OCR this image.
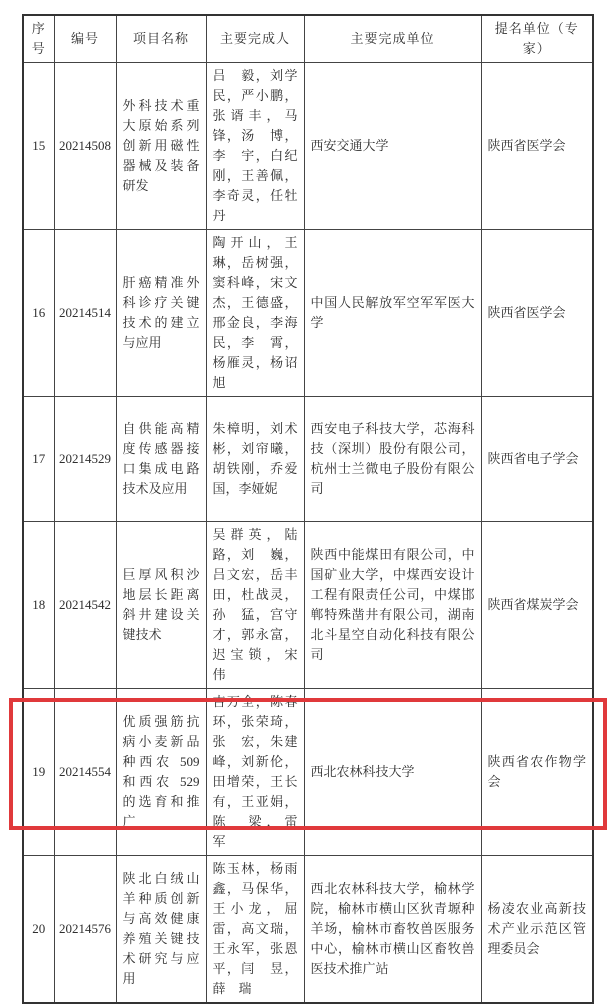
序号	编号	项目名称	主要完成人	主要完成单位	提名单位（专家）
15	20214508	外科技术重大原始系列创新用磁性器械及装备研发	吕　毅，刘学民，严小鹏，张谞丰，马　锋，汤　博，李　宇，白纪刚，王善佩，李奇灵，任牡丹	西安交通大学	陕西省医学会
16	20214514	肝癌精准外科诊疗关键技术的建立与应用	陶开山，王　琳，岳树强，窦科峰，宋文杰，王德盛，邢金良，李海民，李　霄，杨雁灵，杨诏旭	中国人民解放军空军军医大学	陕西省医学会
17	20214529	自供能高精度传感器接口集成电路技术及应用	朱樟明，刘术彬，刘帘曦，胡铁刚，乔爱国，李娅妮	西安电子科技大学，芯海科技（深圳）股份有限公司，杭州士兰微电子股份有限公司	陕西省电子学会
18	20214542	巨厚风积沙地层长距离斜井建设关键技术	吴群英，陆　路，刘　巍，吕文宏，岳丰田，杜战灵，孙　猛，宫守才，郭永富，迟宝锁，宋　伟	陕西中能煤田有限公司，中国矿业大学，中煤西安设计工程有限责任公司，中煤邯郸特殊凿井有限公司，湖南北斗星空自动化科技有限公司	陕西省煤炭学会
19	20214554	优质强筋抗病小麦新品种西农 509 和西农 529 的选育和推广	吉万全，陈春环，张荣琦，张　宏，朱建峰，刘新伦，田增荣，王长有，王亚娟，陈　梁，雷　军	西北农林科技大学	陕西省农作物学会
20	20214576	陕北白绒山羊种质创新与高效健康养殖关键技术研究与应用	陈玉林，杨雨鑫，马保华，王小龙，屈　雷，高文瑞，王永军，张恩平，闫　昱，薛　瑞	西北农林科技大学，榆林学院，榆林市横山区狄青塬种羊场，榆林市畜牧兽医服务中心，榆林市横山区畜牧兽医技术推广站	杨凌农业高新技术产业示范区管理委员会
